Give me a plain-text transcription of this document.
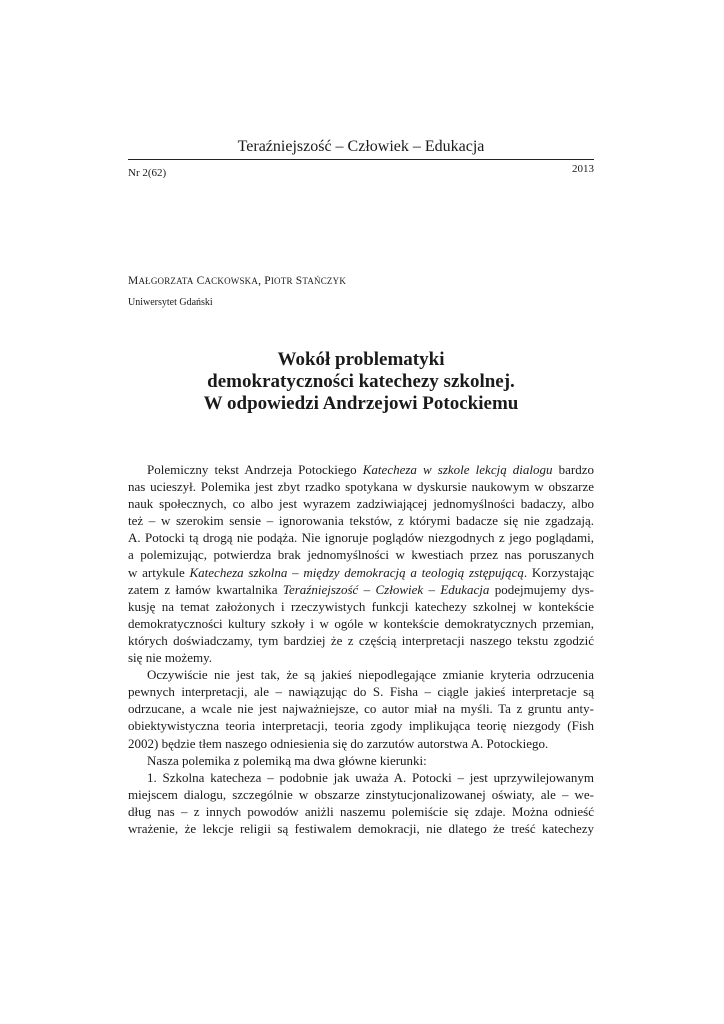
Teraźniejszość – Człowiek – Edukacja
Nr 2(62)	2013
MAŁGORZATA CACKOWSKA, PIOTR STAŃCZYK
Uniwersytet Gdański
Wokół problematyki
demokratyczności katechezy szkolnej.
W odpowiedzi Andrzejowi Potockiemu
Polemiczny tekst Andrzeja Potockiego Katecheza w szkole lekcją dialogu bardzo
nas ucieszył. Polemika jest zbyt rzadko spotykana w dyskursie naukowym w obszarze
nauk społecznych, co albo jest wyrazem zadziwiającej jednomyślności badaczy, albo
też – w szerokim sensie – ignorowania tekstów, z którymi badacze się nie zgadzają.
A. Potocki tą drogą nie podąża. Nie ignoruje poglądów niezgodnych z jego poglądami,
a polemizując, potwierdza brak jednomyślności w kwestiach przez nas poruszanych
w artykule Katecheza szkolna – między demokracją a teologią zstępującą. Korzystając
zatem z łamów kwartalnika Teraźniejszość – Człowiek – Edukacja podejmujemy dys-
kusję na temat założonych i rzeczywistych funkcji katechezy szkolnej w kontekście
demokratyczności kultury szkoły i w ogóle w kontekście demokratycznych przemian,
których doświadczamy, tym bardziej że z częścią interpretacji naszego tekstu zgodzić
się nie możemy.
Oczywiście nie jest tak, że są jakieś niepodlegające zmianie kryteria odrzucenia
pewnych interpretacji, ale – nawiązując do S. Fisha – ciągle jakieś interpretacje są
odrzucane, a wcale nie jest najważniejsze, co autor miał na myśli. Ta z gruntu anty-
obiektywistyczna teoria interpretacji, teoria zgody implikująca teorię niezgody (Fish
2002) będzie tłem naszego odniesienia się do zarzutów autorstwa A. Potockiego.
Nasza polemika z polemiką ma dwa główne kierunki:
1. Szkolna katecheza – podobnie jak uważa A. Potocki – jest uprzywilejowanym
miejscem dialogu, szczególnie w obszarze zinstytucjonalizowanej oświaty, ale – we-
dług nas – z innych powodów aniżli naszemu polemiście się zdaje. Można odnieść
wrażenie, że lekcje religii są festiwalem demokracji, nie dlatego że treść katechezy
